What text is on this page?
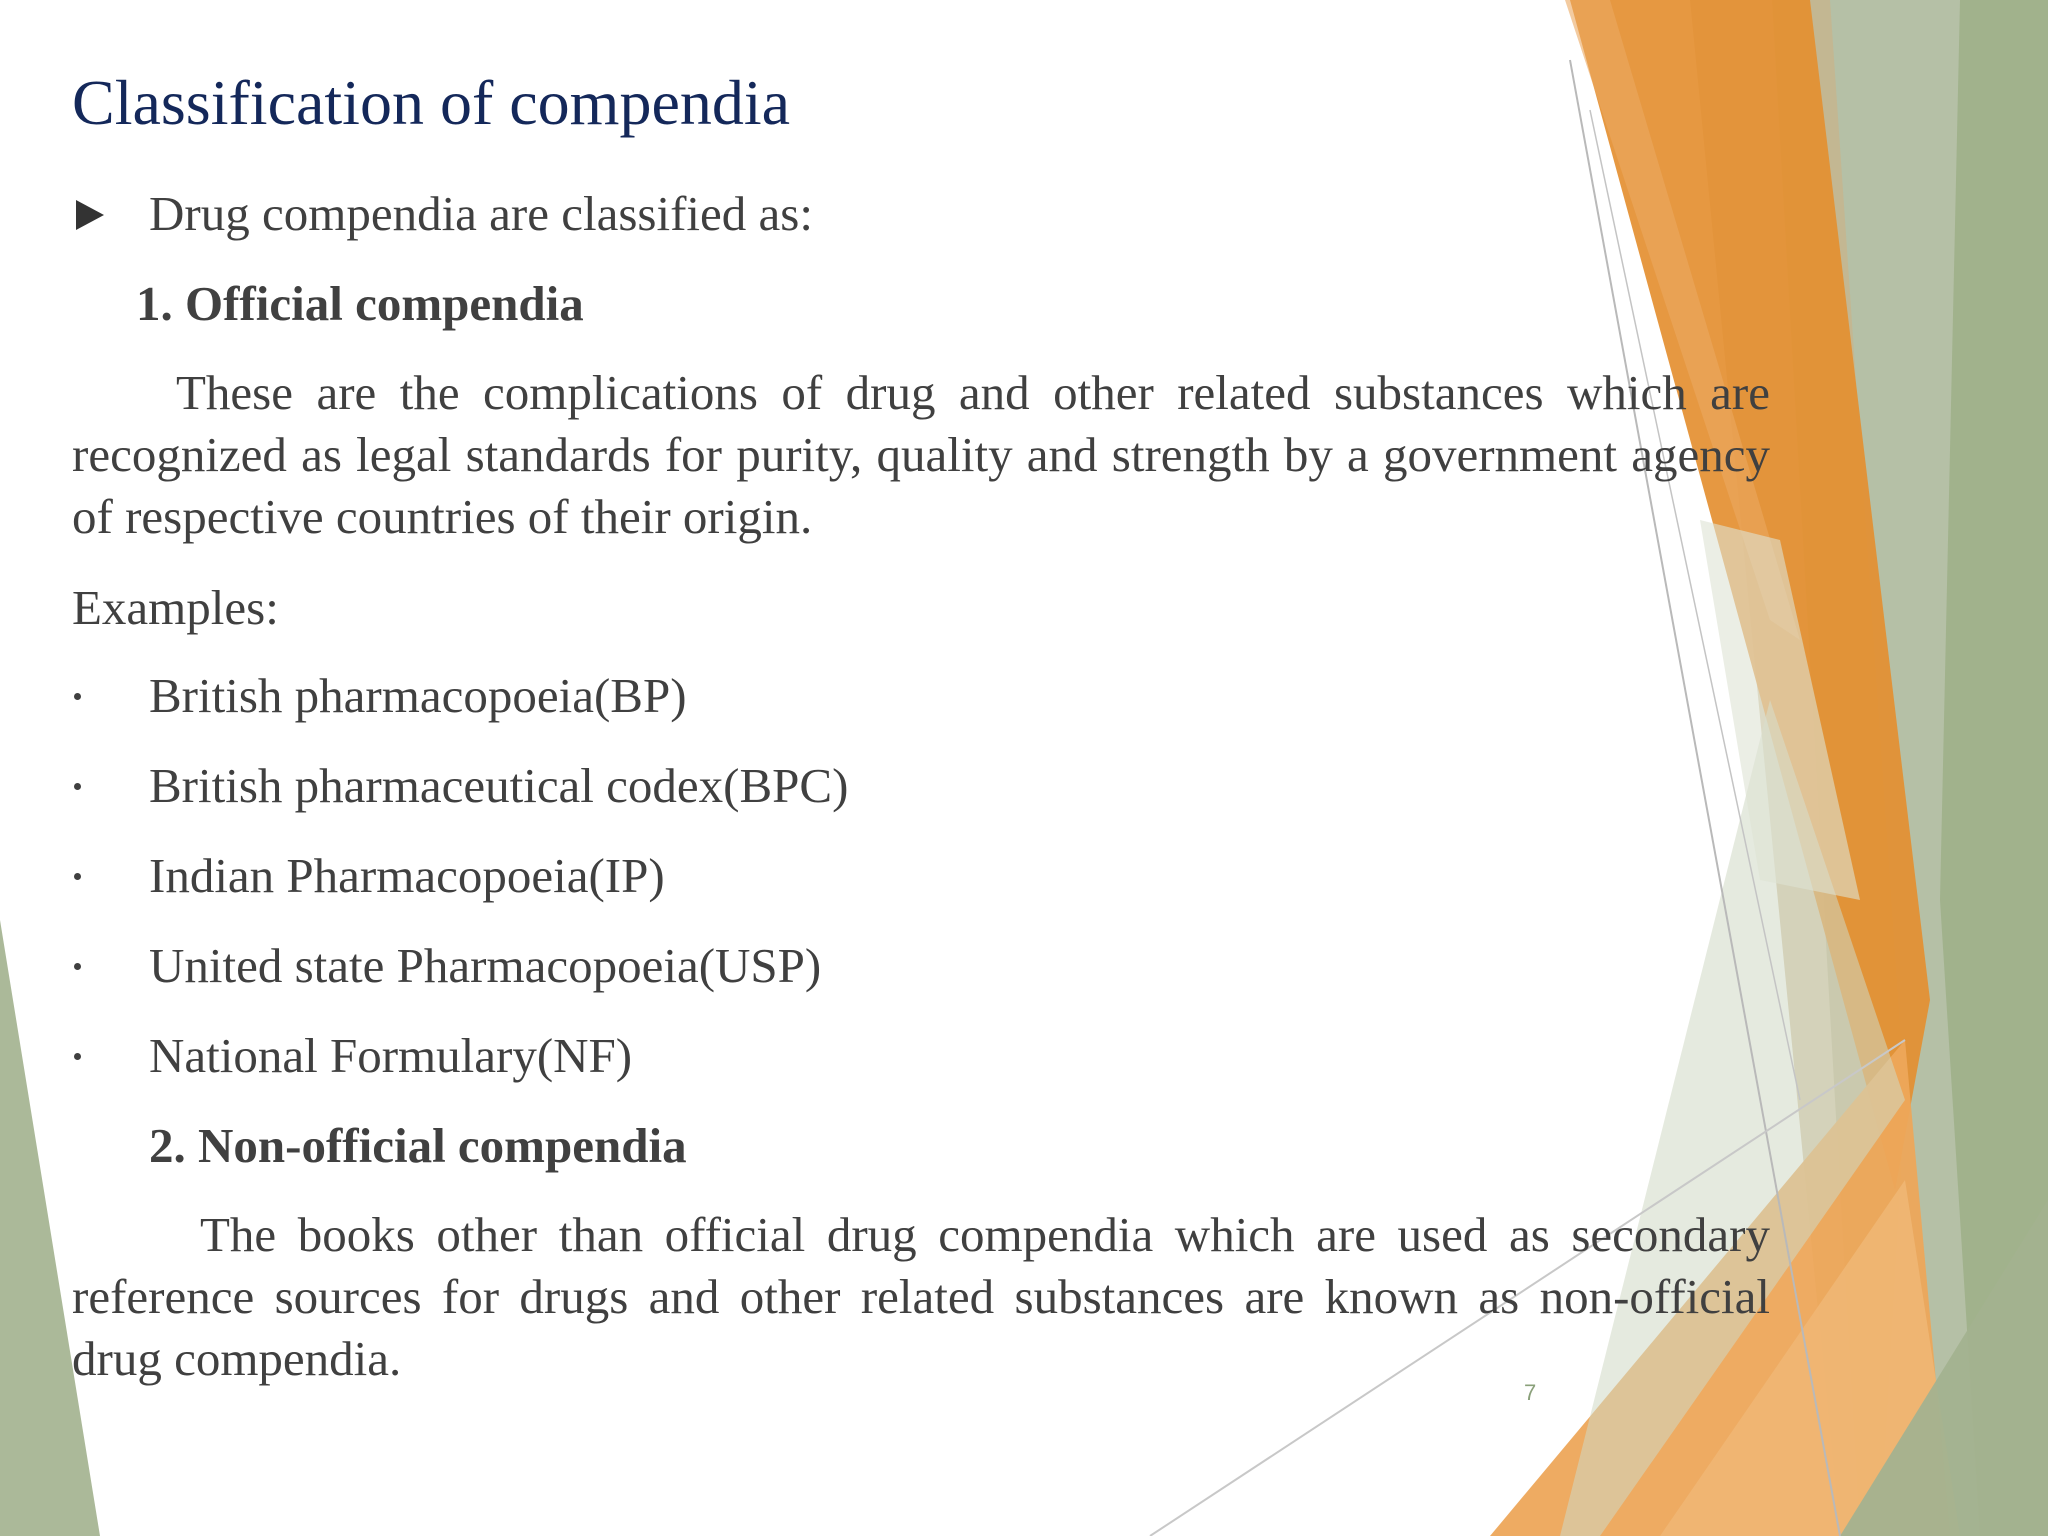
Classification of compendia
Drug compendia are classified as:
1. Official compendia

These are the complications of drug and other related substances which are recognized as legal standards for purity, quality and strength by a government agency of respective countries of their origin.

Examples:
British pharmacopoeia(BP)
British pharmaceutical codex(BPC)
Indian Pharmacopoeia(IP)
United state Pharmacopoeia(USP)
National Formulary(NF)
2. Non-official compendia

The books other than official drug compendia which are used as secondary reference sources for drugs and other related substances are known as non-official drug compendia.

7
